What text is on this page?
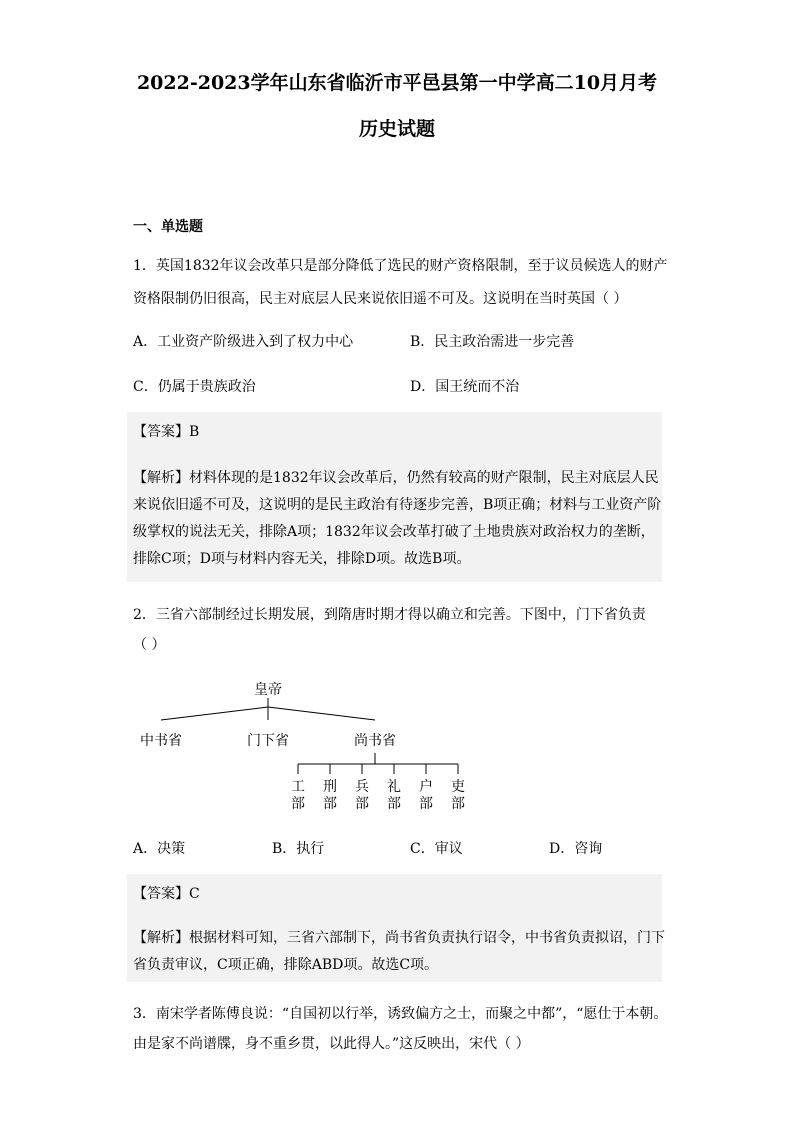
2022-2023学年山东省临沂市平邑县第一中学高二10月月考
历史试题
一、单选题
1．英国1832年议会改革只是部分降低了选民的财产资格限制，至于议员候选人的财产
资格限制仍旧很高，民主对底层人民来说依旧遥不可及。这说明在当时英国（ ）
A．工业资产阶级进入到了权力中心	B．民主政治需进一步完善
C．仍属于贵族政治	D．国王统而不治
【答案】B
【解析】材料体现的是1832年议会改革后，仍然有较高的财产限制，民主对底层人民
来说依旧遥不可及，这说明的是民主政治有待逐步完善，B项正确；材料与工业资产阶
级掌权的说法无关，排除A项；1832年议会改革打破了土地贵族对政治权力的垄断，
排除C项；D项与材料内容无关，排除D项。故选B项。
2．三省六部制经过长期发展，到隋唐时期才得以确立和完善。下图中，门下省负责
（ ）
皇帝
中书省	门下省	尚书省
工
部
刑
部
兵
部
礼
部
户
部
吏
部
A．决策	B．执行	C．审议	D．咨询
【答案】C
【解析】根据材料可知，三省六部制下，尚书省负责执行诏令，中书省负责拟诏，门下
省负责审议，C项正确，排除ABD项。故选C项。
3．南宋学者陈傅良说：“自国初以行举，诱致偏方之士，而聚之中都”，“愿仕于本朝。
由是家不尚谱牒，身不重乡贯，以此得人。”这反映出，宋代（ ）
